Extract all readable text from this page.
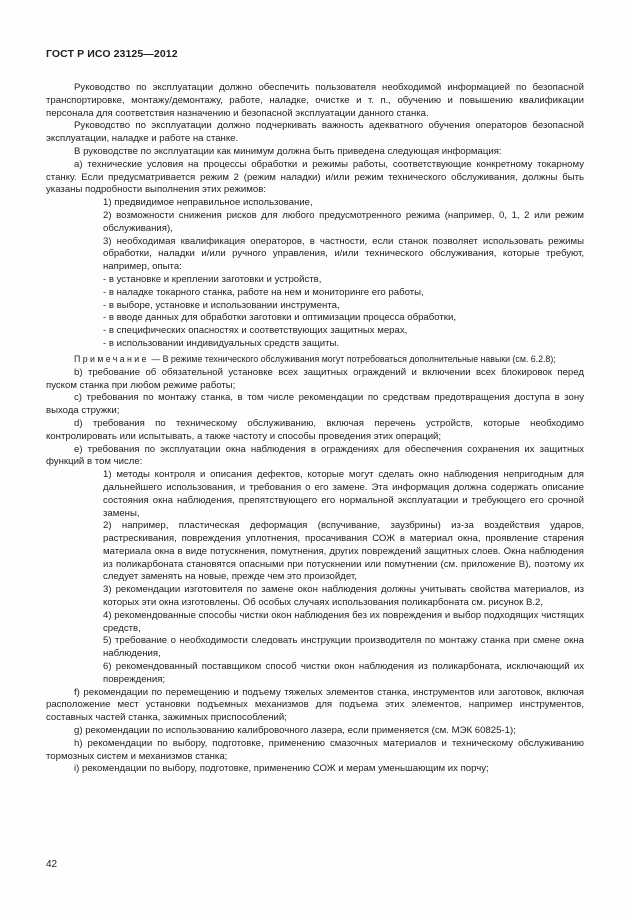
ГОСТ Р ИСО 23125—2012

Руководство по эксплуатации должно обеспечить пользователя необходимой информацией по безопасной транспортировке, монтажу/демонтажу, работе, наладке, очистке и т. п., обучению и повышению квалификации персонала для соответствия назначению и безопасной эксплуатации данного станка.

Руководство по эксплуатации должно подчеркивать важность адекватного обучения операторов безопасной эксплуатации, наладке и работе на станке.

В руководстве по эксплуатации как минимум должна быть приведена следующая информация:

а) технические условия на процессы обработки и режимы работы, соответствующие конкретному токарному станку. Если предусматривается режим 2 (режим наладки) и/или режим технического обслуживания, должны быть указаны подробности выполнения этих режимов:

1) предвидимое неправильное использование,

2) возможности снижения рисков для любого предусмотренного режима (например, 0, 1, 2 или режим обслуживания),

3) необходимая квалификация операторов, в частности, если станок позволяет использовать режимы обработки, наладки и/или ручного управления, и/или технического обслуживания, которые требуют, например, опыта:

- в установке и креплении заготовки и устройств,

- в наладке токарного станка, работе на нем и мониторинге его работы,

- в выборе, установке и использовании инструмента,

- в вводе данных для обработки заготовки и оптимизации процесса обработки,

- в специфических опасностях и соответствующих защитных мерах,

- в использовании индивидуальных средств защиты.

Примечание — В режиме технического обслуживания могут потребоваться дополнительные навыки (см. 6.2.8);

b) требование об обязательной установке всех защитных ограждений и включении всех блокировок перед пуском станка при любом режиме работы;

c) требования по монтажу станка, в том числе рекомендации по средствам предотвращения доступа в зону выхода стружки;

d) требования по техническому обслуживанию, включая перечень устройств, которые необходимо контролировать или испытывать, а также частоту и способы проведения этих операций;

e) требования по эксплуатации окна наблюдения в ограждениях для обеспечения сохранения их защитных функций в том числе:

1) методы контроля и описания дефектов, которые могут сделать окно наблюдения непригодным для дальнейшего использования, и требования о его замене. Эта информация должна содержать описание состояния окна наблюдения, препятствующего его нормальной эксплуатации и требующего его срочной замены,

2) например, пластическая деформация (вспучивание, заузбрины) из-за воздействия ударов, растрескивания, повреждения уплотнения, просачивания СОЖ в материал окна, проявление старения материала окна в виде потускнения, помутнения, других повреждений защитных слоев. Окна наблюдения из поликарбоната становятся опасными при потускнении или помутнении (см. приложение В), поэтому их следует заменять на новые, прежде чем это произойдет,

3) рекомендации изготовителя по замене окон наблюдения должны учитывать свойства материалов, из которых эти окна изготовлены. Об особых случаях использования поликарбоната см. рисунок В.2,

4) рекомендованные способы чистки окон наблюдения без их повреждения и выбор подходящих чистящих средств,

5) требование о необходимости следовать инструкции производителя по монтажу станка при смене окна наблюдения,

6) рекомендованный поставщиком способ чистки окон наблюдения из поликарбоната, исключающий их повреждения;

f) рекомендации по перемещению и подъему тяжелых элементов станка, инструментов или заготовок, включая расположение мест установки подъемных механизмов для подъема этих элементов, например инструментов, составных частей станка, зажимных приспособлений;

g) рекомендации по использованию калибровочного лазера, если применяется (см. МЭК 60825-1);

h) рекомендации по выбору, подготовке, применению смазочных материалов и техническому обслуживанию тормозных систем и механизмов станка;

i) рекомендации по выбору, подготовке, применению СОЖ и мерам уменьшающим их порчу;

42
